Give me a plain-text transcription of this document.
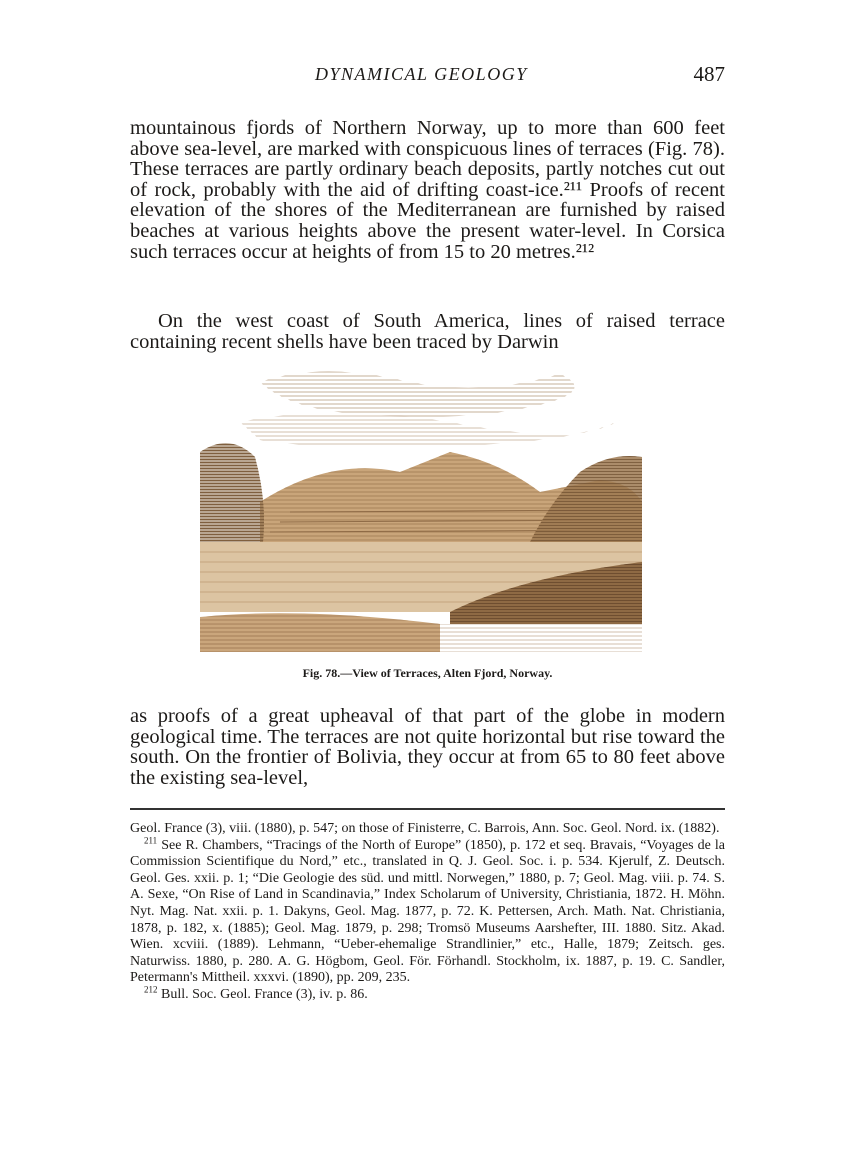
DYNAMICAL GEOLOGY	487

mountainous fjords of Northern Norway, up to more than 600 feet above sea-level, are marked with conspicuous lines of terraces (Fig. 78). These terraces are partly ordinary beach deposits, partly notches cut out of rock, probably with the aid of drifting coast-ice.²¹¹ Proofs of recent elevation of the shores of the Mediterranean are furnished by raised beaches at various heights above the present water-level. In Corsica such terraces occur at heights of from 15 to 20 metres.²¹²

On the west coast of South America, lines of raised terrace containing recent shells have been traced by Darwin

Fig. 78.—View of Terraces, Alten Fjord, Norway.

as proofs of a great upheaval of that part of the globe in modern geological time. The terraces are not quite horizontal but rise toward the south. On the frontier of Bolivia, they occur at from 65 to 80 feet above the existing sea-level,

Geol. France (3), viii. (1880), p. 547; on those of Finisterre, C. Barrois, Ann. Soc. Geol. Nord. ix. (1882).

$^{211}$ See R. Chambers, “Tracings of the North of Europe” (1850), p. 172 et seq. Bravais, “Voyages de la Commission Scientifique du Nord,” etc., translated in Q. J. Geol. Soc. i. p. 534. Kjerulf, Z. Deutsch. Geol. Ges. xxii. p. 1; “Die Geologie des süd. und mittl. Norwegen,” 1880, p. 7; Geol. Mag. viii. p. 74. S. A. Sexe, “On Rise of Land in Scandinavia,” Index Scholarum of University, Christiania, 1872. H. Möhn. Nyt. Mag. Nat. xxii. p. 1. Dakyns, Geol. Mag. 1877, p. 72. K. Pettersen, Arch. Math. Nat. Christiania, 1878, p. 182, x. (1885); Geol. Mag. 1879, p. 298; Tromsö Museums Aarshefter, III. 1880. Sitz. Akad. Wien. xcviii. (1889). Lehmann, “Ueber-ehemalige Strandlinier,” etc., Halle, 1879; Zeitsch. ges. Naturwiss. 1880, p. 280. A. G. Högbom, Geol. För. Förhandl. Stockholm, ix. 1887, p. 19. C. Sandler, Petermann's Mittheil. xxxvi. (1890), pp. 209, 235.

$^{212}$ Bull. Soc. Geol. France (3), iv. p. 86.
